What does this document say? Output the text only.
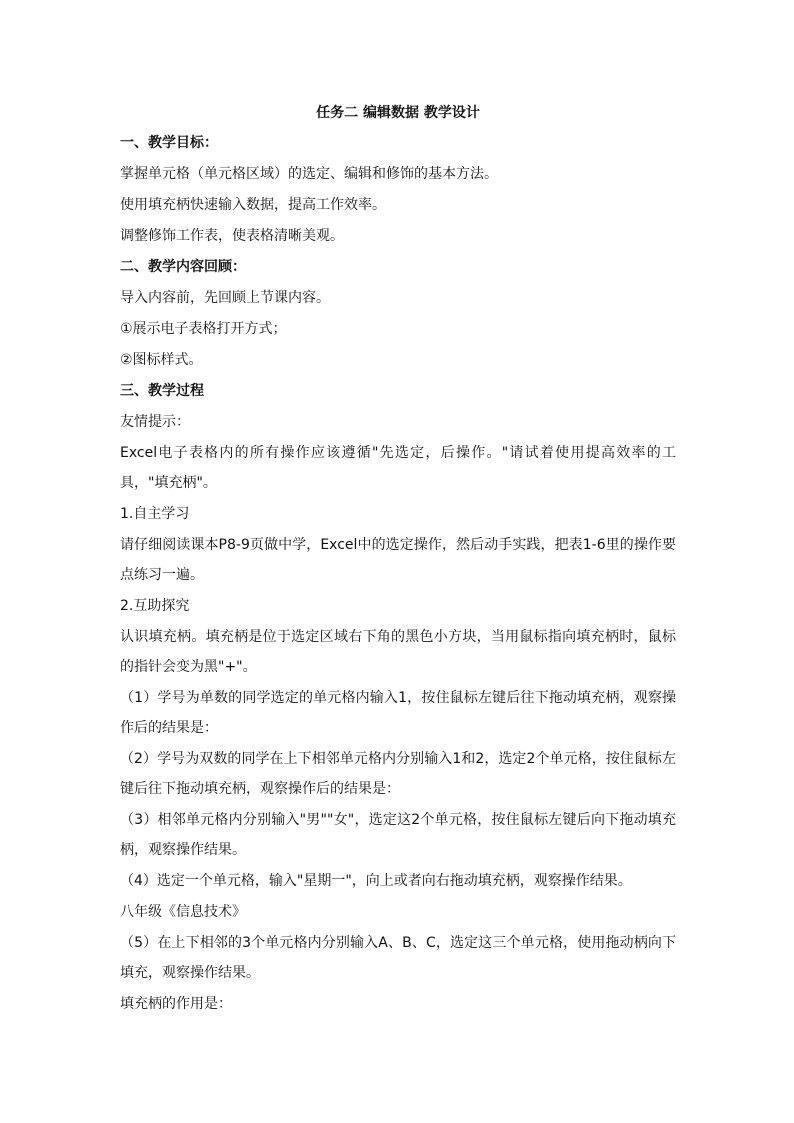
任务二 编辑数据 教学设计
一、教学目标：
掌握单元格（单元格区域）的选定、编辑和修饰的基本方法。
使用填充柄快速输入数据，提高工作效率。
调整修饰工作表，使表格清晰美观。
二、教学内容回顾：
导入内容前，先回顾上节课内容。
①展示电子表格打开方式；
②图标样式。
三、教学过程
友情提示：
Excel电子表格内的所有操作应该遵循"先选定，后操作。"请试着使用提高效率的工具，"填充柄"。
1.自主学习
请仔细阅读课本P8-9页做中学，Excel中的选定操作，然后动手实践，把表1-6里的操作要点练习一遍。
2.互助探究
认识填充柄。填充柄是位于选定区域右下角的黑色小方块，当用鼠标指向填充柄时，鼠标的指针会变为黑"+"。
（1）学号为单数的同学选定的单元格内输入1，按住鼠标左键后往下拖动填充柄，观察操作后的结果是：
（2）学号为双数的同学在上下相邻单元格内分别输入1和2，选定2个单元格，按住鼠标左键后往下拖动填充柄，观察操作后的结果是：
（3）相邻单元格内分别输入"男""女"，选定这2个单元格，按住鼠标左键后向下拖动填充柄，观察操作结果。
（4）选定一个单元格，输入"星期一"，向上或者向右拖动填充柄，观察操作结果。
八年级《信息技术》
（5）在上下相邻的3个单元格内分别输入A、B、C，选定这三个单元格，使用拖动柄向下填充，观察操作结果。
填充柄的作用是：
